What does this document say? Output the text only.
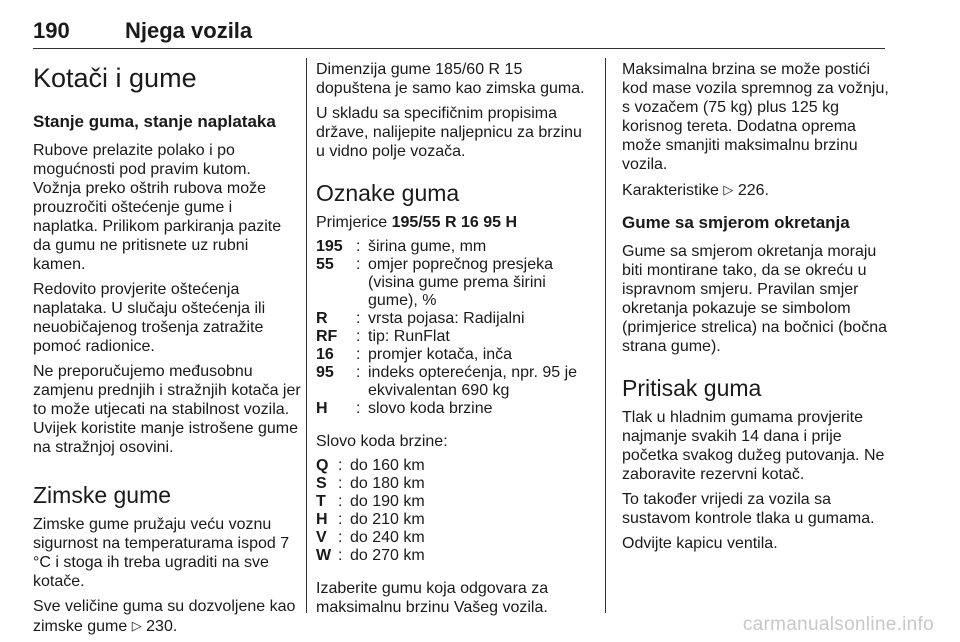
190	Njega vozila
Kotači i gume
Stanje guma, stanje naplataka

Rubove prelazite polako i po mogućnosti pod pravim kutom. Vožnja preko oštrih rubova može prouzročiti oštećenje gume i naplatka. Prilikom parkiranja pazite da gumu ne pritisnete uz rubni kamen.

Redovito provjerite oštećenja naplataka. U slučaju oštećenja ili neuobičajenog trošenja zatražite pomoć radionice.

Ne preporučujemo međusobnu zamjenu prednjih i stražnjih kotača jer to može utjecati na stabilnost vozila. Uvijek koristite manje istrošene gume na stražnjoj osovini.

Zimske gume

Zimske gume pružaju veću voznu sigurnost na temperaturama ispod 7 °C i stoga ih treba ugraditi na sve kotače.

Sve veličine guma su dozvoljene kao zimske gume ▷ 230.

Dimenzija gume 185/60 R 15 dopuštena je samo kao zimska guma.

U skladu sa specifičnim propisima države, nalijepite naljepnicu za brzinu u vidno polje vozača.

Oznake guma

Primjerice 195/55 R 16 95 H

195	:	širina gume, mm
55	:	omjer poprečnog presjeka (visina gume prema širini gume), %
R	:	vrsta pojasa: Radijalni
RF	:	tip: RunFlat
16	:	promjer kotača, inča
95	:	indeks opterećenja, npr. 95 je ekvivalentan 690 kg
H	:	slovo koda brzine

Slovo koda brzine:

Q	:	do 160 km
S	:	do 180 km
T	:	do 190 km
H	:	do 210 km
V	:	do 240 km
W	:	do 270 km

Izaberite gumu koja odgovara za maksimalnu brzinu Vašeg vozila.

Maksimalna brzina se može postići kod mase vozila spremnog za vožnju, s vozačem (75 kg) plus 125 kg korisnog tereta. Dodatna oprema može smanjiti maksimalnu brzinu vozila.

Karakteristike ▷ 226.

Gume sa smjerom okretanja

Gume sa smjerom okretanja moraju biti montirane tako, da se okreću u ispravnom smjeru. Pravilan smjer okretanja pokazuje se simbolom (primjerice strelica) na bočnici (bočna strana gume).

Pritisak guma

Tlak u hladnim gumama provjerite najmanje svakih 14 dana i prije početka svakog dužeg putovanja. Ne zaboravite rezervni kotač.

To također vrijedi za vozila sa sustavom kontrole tlaka u gumama.

Odvijte kapicu ventila.

carmanualsonline.info
